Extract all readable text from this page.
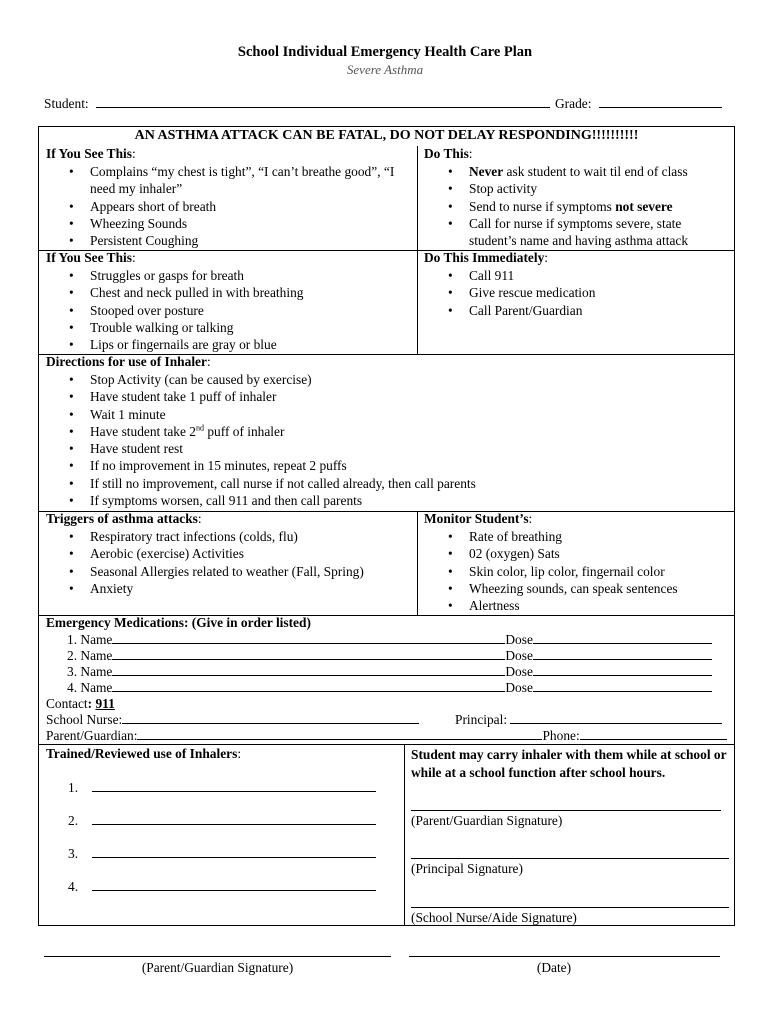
School Individual Emergency Health Care Plan
Severe Asthma
Student:	Grade:
AN ASTHMA ATTACK CAN BE FATAL, DO NOT DELAY RESPONDING!!!!!!!!!!
If You See This:	Do This:
• Complains “my chest is tight”, “I can’t breathe good”, “I need my inhaler”
• Appears short of breath
• Wheezing Sounds
• Persistent Coughing
• Never ask student to wait til end of class
• Stop activity
• Send to nurse if symptoms not severe
• Call for nurse if symptoms severe, state student’s name and having asthma attack
If You See This:	Do This Immediately:
• Struggles or gasps for breath
• Chest and neck pulled in with breathing
• Stooped over posture
• Trouble walking or talking
• Lips or fingernails are gray or blue
• Call 911
• Give rescue medication
• Call Parent/Guardian
Directions for use of Inhaler:
• Stop Activity (can be caused by exercise)
• Have student take 1 puff of inhaler
• Wait 1 minute
• Have student take 2nd puff of inhaler
• Have student rest
• If no improvement in 15 minutes, repeat 2 puffs
• If still no improvement, call nurse if not called already, then call parents
• If symptoms worsen, call 911 and then call parents
Triggers of asthma attacks:
• Respiratory tract infections (colds, flu)
• Aerobic (exercise) Activities
• Seasonal Allergies related to weather (Fall, Spring)
• Anxiety
Monitor Student’s:
• Rate of breathing
• 02 (oxygen) Sats
• Skin color, lip color, fingernail color
• Wheezing sounds, can speak sentences
• Alertness
Emergency Medications: (Give in order listed)
1. Name	Dose
2. Name	Dose
3. Name	Dose
4. Name	Dose
Contact: 911
School Nurse:	Principal:
Parent/Guardian:	Phone:
Trained/Reviewed use of Inhalers:
1.
2.
3.
4.
Student may carry inhaler with them while at school or while at a school function after school hours.
(Parent/Guardian Signature)
(Principal Signature)
(School Nurse/Aide Signature)
(Parent/Guardian Signature)	(Date)
